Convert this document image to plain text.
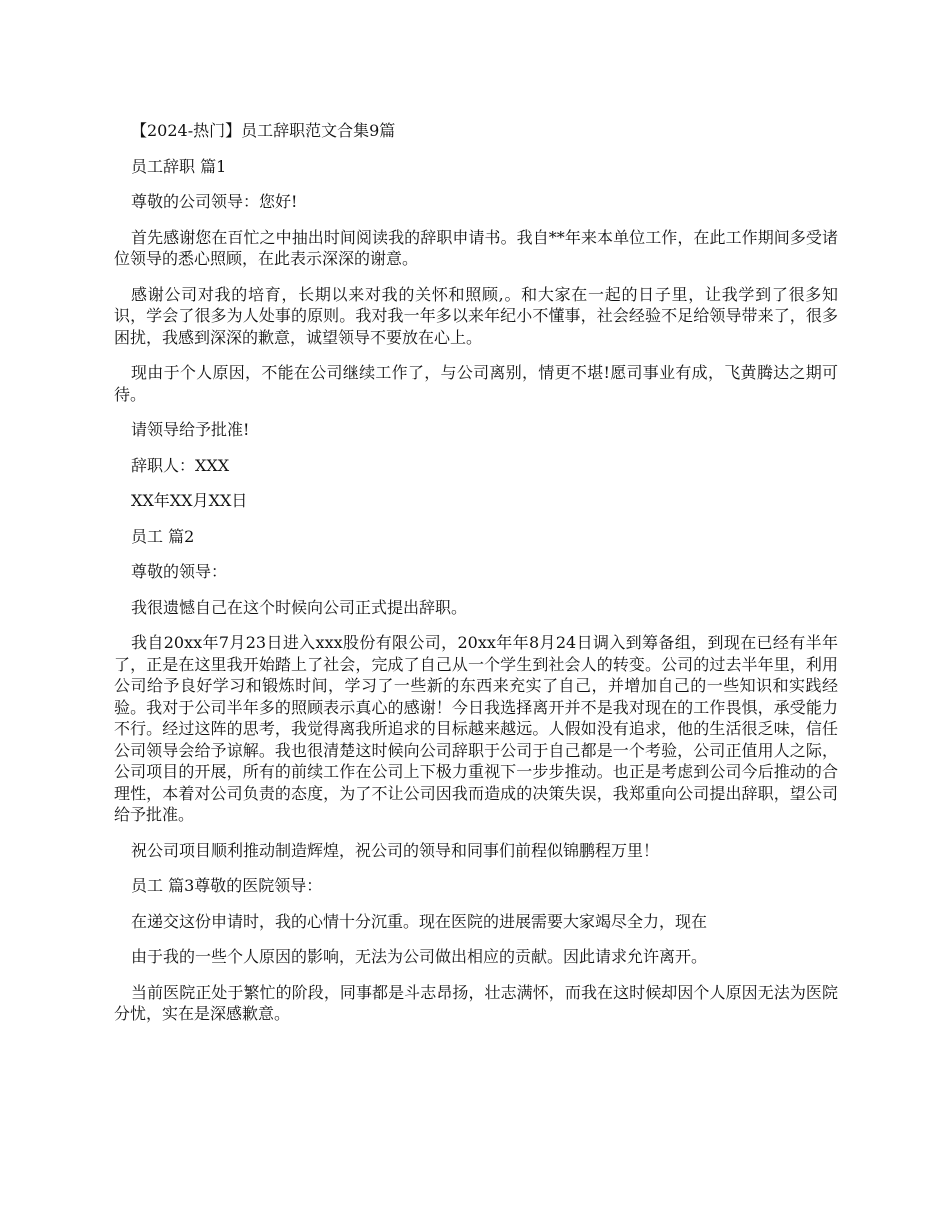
【2024-热门】员工辞职范文合集9篇

员工辞职 篇1

尊敬的公司领导：您好!

首先感谢您在百忙之中抽出时间阅读我的辞职申请书。我自**年来本单位工作，在此工作期间多受诸位领导的悉心照顾，在此表示深深的谢意。

感谢公司对我的培育，长期以来对我的关怀和照顾,。和大家在一起的日子里，让我学到了很多知识，学会了很多为人处事的原则。我对我一年多以来年纪小不懂事，社会经验不足给领导带来了，很多困扰，我感到深深的歉意，诚望领导不要放在心上。

现由于个人原因，不能在公司继续工作了，与公司离别，情更不堪!愿司事业有成，飞黄腾达之期可待。

请领导给予批准!

辞职人：XXX

XX年XX月XX日

员工 篇2

尊敬的领导：

我很遗憾自己在这个时候向公司正式提出辞职。

我自20xx年7月23日进入xxx股份有限公司，20xx年年8月24日调入到筹备组，到现在已经有半年了，正是在这里我开始踏上了社会，完成了自己从一个学生到社会人的转变。公司的过去半年里，利用公司给予良好学习和锻炼时间，学习了一些新的东西来充实了自己，并增加自己的一些知识和实践经验。我对于公司半年多的照顾表示真心的感谢！今日我选择离开并不是我对现在的工作畏惧，承受能力不行。经过这阵的思考，我觉得离我所追求的目标越来越远。人假如没有追求，他的生活很乏味，信任公司领导会给予谅解。我也很清楚这时候向公司辞职于公司于自己都是一个考验，公司正值用人之际，公司项目的开展，所有的前续工作在公司上下极力重视下一步步推动。也正是考虑到公司今后推动的合理性，本着对公司负责的态度，为了不让公司因我而造成的决策失误，我郑重向公司提出辞职，望公司给予批准。

祝公司项目顺利推动制造辉煌，祝公司的领导和同事们前程似锦鹏程万里！

员工 篇3尊敬的医院领导：

在递交这份申请时，我的心情十分沉重。现在医院的进展需要大家竭尽全力，现在

由于我的一些个人原因的影响，无法为公司做出相应的贡献。因此请求允许离开。

当前医院正处于繁忙的阶段，同事都是斗志昂扬，壮志满怀，而我在这时候却因个人原因无法为医院分忧，实在是深感歉意。
